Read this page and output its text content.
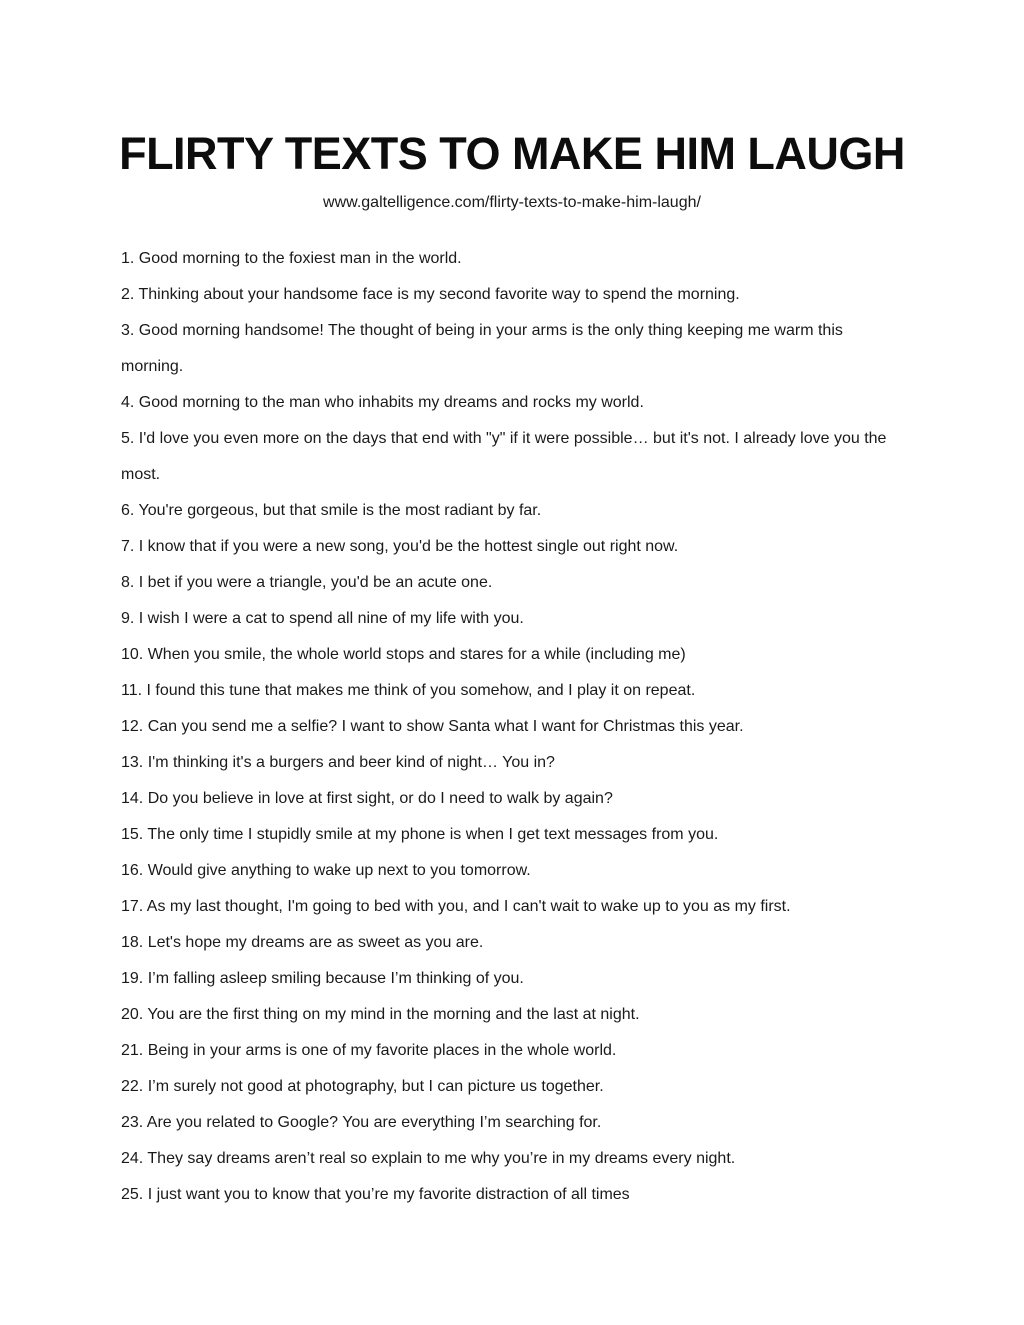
FLIRTY TEXTS TO MAKE HIM LAUGH
www.galtelligence.com/flirty-texts-to-make-him-laugh/
1. Good morning to the foxiest man in the world.
2. Thinking about your handsome face is my second favorite way to spend the morning.
3. Good morning handsome! The thought of being in your arms is the only thing keeping me warm this morning.
4. Good morning to the man who inhabits my dreams and rocks my world.
5. I'd love you even more on the days that end with "y" if it were possible… but it's not. I already love you the most.
6. You're gorgeous, but that smile is the most radiant by far.
7. I know that if you were a new song, you'd be the hottest single out right now.
8. I bet if you were a triangle, you'd be an acute one.
9. I wish I were a cat to spend all nine of my life with you.
10. When you smile, the whole world stops and stares for a while (including me)
11. I found this tune that makes me think of you somehow, and I play it on repeat.
12. Can you send me a selfie? I want to show Santa what I want for Christmas this year.
13. I'm thinking it's a burgers and beer kind of night… You in?
14. Do you believe in love at first sight, or do I need to walk by again?
15. The only time I stupidly smile at my phone is when I get text messages from you.
16. Would give anything to wake up next to you tomorrow.
17. As my last thought, I'm going to bed with you, and I can't wait to wake up to you as my first.
18. Let's hope my dreams are as sweet as you are.
19. I’m falling asleep smiling because I’m thinking of you.
20. You are the first thing on my mind in the morning and the last at night.
21. Being in your arms is one of my favorite places in the whole world.
22. I’m surely not good at photography, but I can picture us together.
23. Are you related to Google? You are everything I’m searching for.
24. They say dreams aren’t real so explain to me why you’re in my dreams every night.
25. I just want you to know that you’re my favorite distraction of all times
